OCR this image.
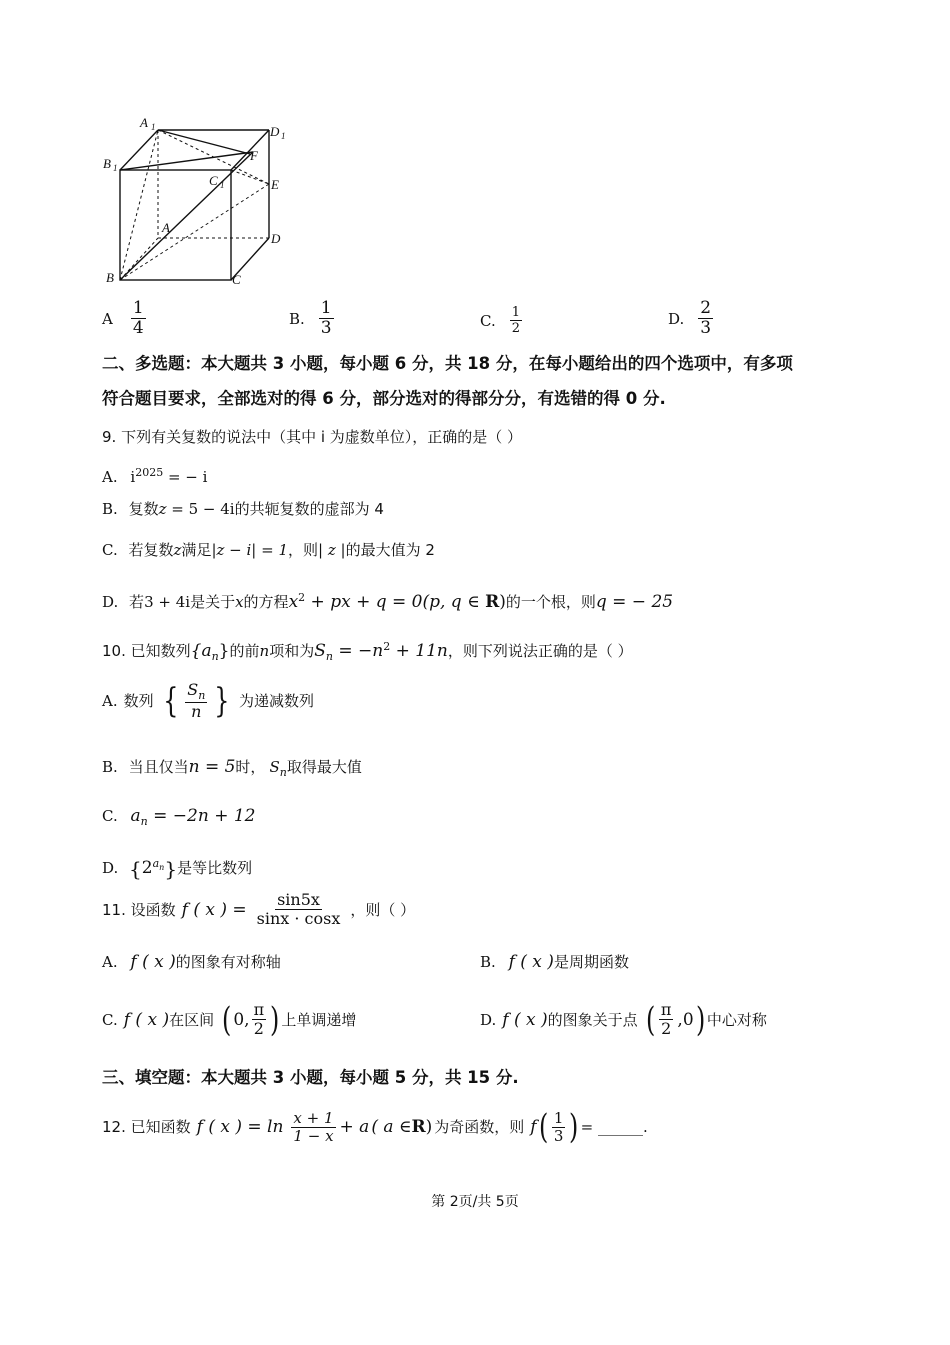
A 1	D 1
B 1
C 1
F
E
A
D
B	C
A $\frac{1}{4}$	B. $\frac{1}{3}$	C. $\frac{1}{2}$	D. $\frac{2}{3}$
二、多选题：本大题共 3 小题，每小题 6 分，共 18 分，在每小题给出的四个选项中，有多项
符合题目要求，全部选对的得 6 分，部分选对的得部分分，有选错的得 0 分.
9. 下列有关复数的说法中（其中 i 为虚数单位），正确的是（ ）
A. $i^{2025}$ = − i
B. 复数z = 5 − 4i的共轭复数的虚部为 4
C. 若复数z满足|z − i| = 1，则| z |的最大值为 2
D. 若3 + 4i是关于x的方程$x^2$ + px + q = 0(p, q ∈ R)的一个根，则q = − 25
10. 已知数列$\{a_n\}$的前n项和为$S_n = -n^2 + 11n$，则下列说法正确的是（ ）
A. 数列 { $\frac{S_n}{n}$ } 为递减数列
B. 当且仅当n = 5时， $S_n$取得最大值
C. $a_n = -2n + 12$
D. $\{2^{a_n}\}$是等比数列
11. 设函数 f ( x ) = $\frac{\sin 5x}{\sin x \cdot \cos x}$ ，则（ ）
A. f ( x )的图象有对称轴	B. f ( x )是周期函数
C. f ( x ) 在区间 ( 0, $\frac{\pi}{2}$ ) 上单调递增	D. f ( x ) 的图象关于点 ( $\frac{\pi}{2} ,0$ ) 中心对称
三、填空题：本大题共 3 小题，每小题 5 分，共 15 分.
12. 已知函数 f ( x ) = $\ln \frac{x + 1}{1 - x} + a$ ( a ∈ R ) 为奇函数，则 f ( $\frac{1}{3}$ ) = ______.
第 2页/共 5页
